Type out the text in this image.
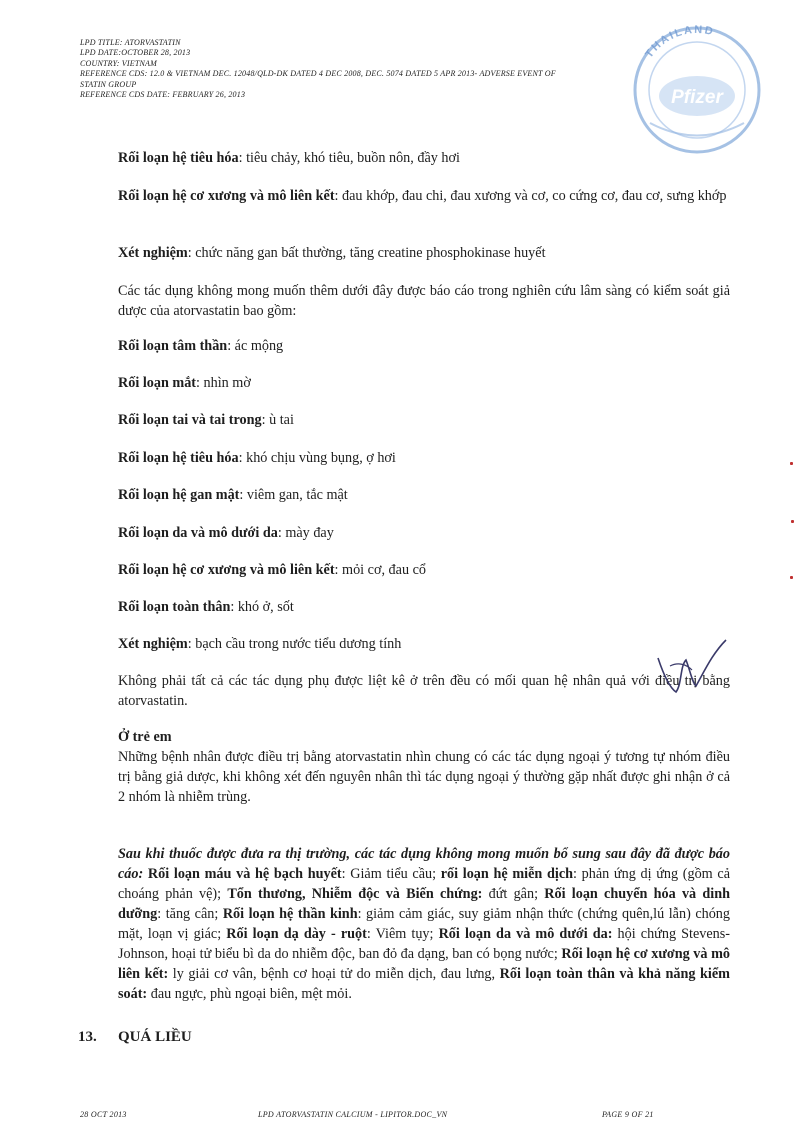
LPD TITLE: ATORVASTATIN
LPD DATE:OCTOBER 28, 2013
COUNTRY: VIETNAM
REFERENCE CDS: 12.0 & VIETNAM DEC. 12048/QLD-DK DATED 4 DEC 2008, DEC. 5074 DATED 5 APR 2013- ADVERSE EVENT OF
STATIN GROUP
REFERENCE CDS DATE: FEBRUARY 26, 2013
THAILAND
Pfizer
Rối loạn hệ tiêu hóa: tiêu chảy, khó tiêu, buồn nôn, đầy hơi
Rối loạn hệ cơ xương và mô liên kết: đau khớp, đau chi, đau xương và cơ, co cứng cơ, đau cơ, sưng khớp
Xét nghiệm: chức năng gan bất thường, tăng creatine phosphokinase huyết
Các tác dụng không mong muốn thêm dưới đây được báo cáo trong nghiên cứu lâm sàng có kiểm soát giả dược của atorvastatin bao gồm:
Rối loạn tâm thần: ác mộng
Rối loạn mắt: nhìn mờ
Rối loạn tai và tai trong: ù tai
Rối loạn hệ tiêu hóa: khó chịu vùng bụng, ợ hơi
Rối loạn hệ gan mật: viêm gan, tắc mật
Rối loạn da và mô dưới da: mày đay
Rối loạn hệ cơ xương và mô liên kết: mỏi cơ, đau cổ
Rối loạn toàn thân: khó ở, sốt
Xét nghiệm: bạch cầu trong nước tiểu dương tính
Không phải tất cả các tác dụng phụ được liệt kê ở trên đều có mối quan hệ nhân quả với điều trị bằng atorvastatin.
Ở trẻ em
Những bệnh nhân được điều trị bằng atorvastatin nhìn chung có các tác dụng ngoại ý tương tự nhóm điều trị bằng giả dược, khi không xét đến nguyên nhân thì tác dụng ngoại ý thường gặp nhất được ghi nhận ở cả 2 nhóm là nhiễm trùng.
Sau khi thuốc được đưa ra thị trường, các tác dụng không mong muốn bổ sung sau đây đã được báo cáo: Rối loạn máu và hệ bạch huyết: Giảm tiểu cầu; rối loạn hệ miễn dịch: phản ứng dị ứng (gồm cả choáng phản vệ); Tổn thương, Nhiễm độc và Biến chứng: đứt gân; Rối loạn chuyển hóa và dinh dưỡng: tăng cân; Rối loạn hệ thần kinh: giảm cảm giác, suy giảm nhận thức (chứng quên,lú lẫn) chóng mặt, loạn vị giác; Rối loạn dạ dày - ruột: Viêm tụy; Rối loạn da và mô dưới da: hội chứng Stevens-Johnson, hoại tử biểu bì da do nhiễm độc, ban đỏ đa dạng, ban có bọng nước; Rối loạn hệ cơ xương và mô liên kết: ly giải cơ vân, bệnh cơ hoại tử do miễn dịch, đau lưng, Rối loạn toàn thân và khả năng kiểm soát: đau ngực, phù ngoại biên, mệt mỏi.
13. QUÁ LIỀU
28 OCT 2013	LPD ATORVASTATIN CALCIUM - LIPITOR.DOC_VN	PAGE 9 OF 21
